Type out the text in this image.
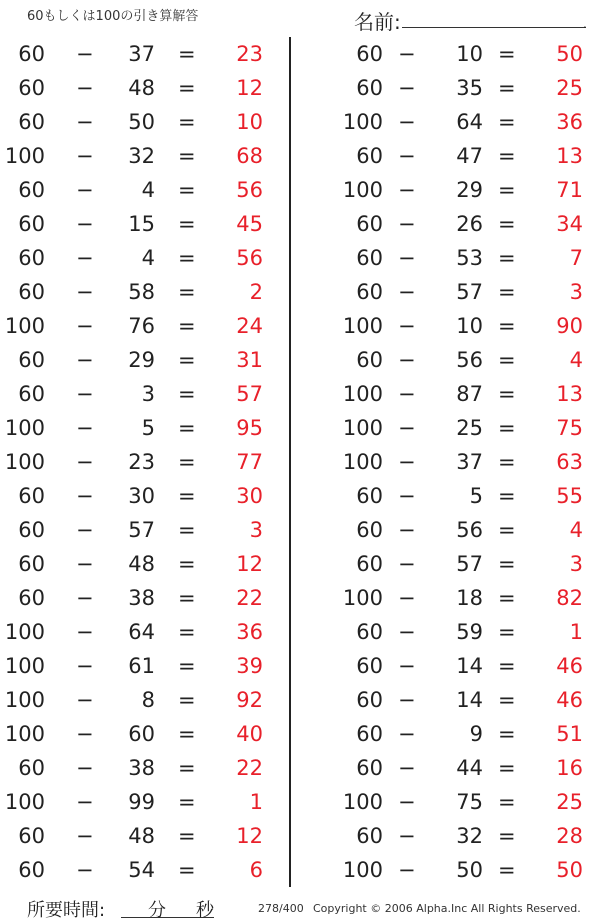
60もしくは100の引き算解答	名前:	.
60 − 37 = 23
60 − 48 = 12
60 − 50 = 10
100 − 32 = 68
60 − 4 = 56
60 − 15 = 45
60 − 4 = 56
60 − 58 =	2
100 − 76 = 24
60 − 29 = 31
60 − 3 = 57
100 − 5 = 95
100 − 23 = 77
60 − 30 = 30
60 − 57 =	3
60 − 48 = 12
60 − 38 = 22
100 − 64 = 36
100 − 61 = 39
100 − 8 = 92
100 − 60 = 40
60 − 38 = 22
100 − 99 =	1
60 − 48 = 12
60 − 54 =	6
60 − 10 = 50
60 − 35 = 25
100 − 64 = 36
60 − 47 = 13
100 − 29 = 71
60 − 26 = 34
60 − 53 =	7
60 − 57 =	3
100 − 10 = 90
60 − 56 =	4
100 − 87 = 13
100 − 25 = 75
100 − 37 = 63
60 −	5 = 55
60 − 56 =	4
60 − 57 =	3
100 − 18 = 82
60 − 59 =	1
60 − 14 = 46
60 − 14 = 46
60 −	9 = 51
60 − 44 = 16
100 − 75 = 25
60 − 32 = 28
100 − 50 = 50
所要時間: 分 秒	278/400 Copyright © 2006 Alpha.Inc All Rights Reserved.
